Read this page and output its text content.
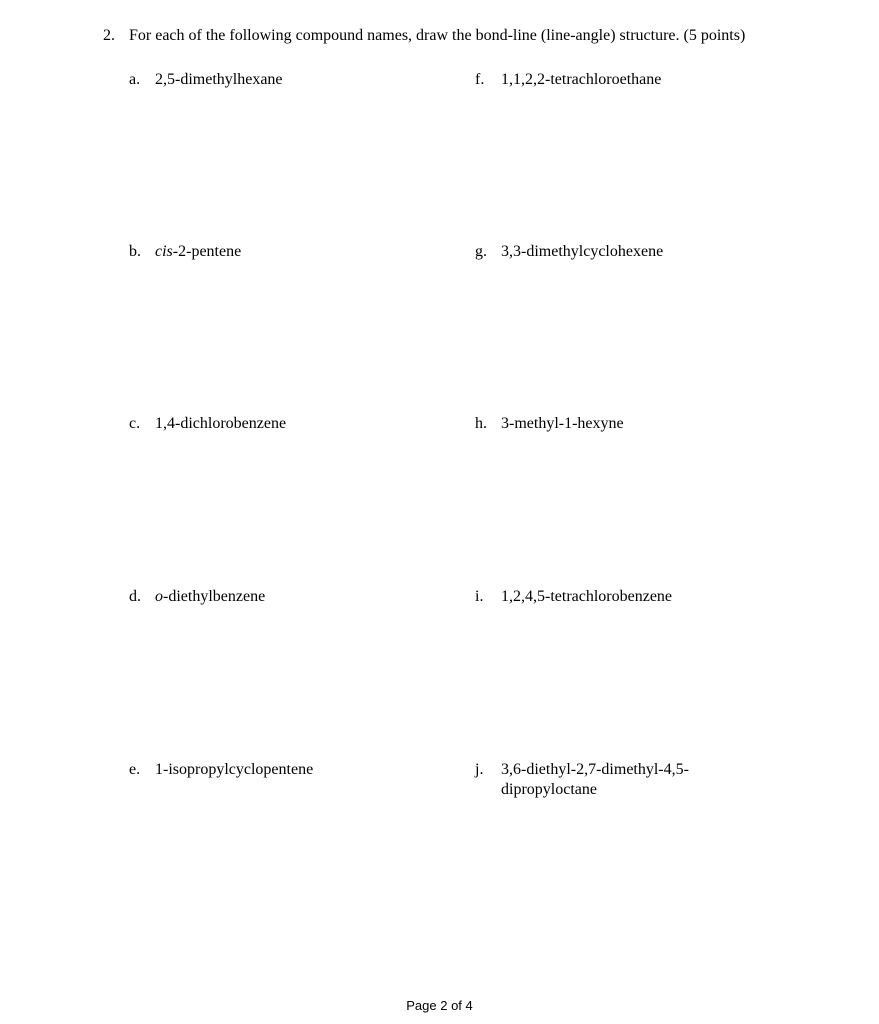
2. For each of the following compound names, draw the bond-line (line-angle) structure. (5 points)
a. 2,5-dimethylhexane
b. cis-2-pentene
c. 1,4-dichlorobenzene
d. o-diethylbenzene
e. 1-isopropylcyclopentene
f. 1,1,2,2-tetrachloroethane
g. 3,3-dimethylcyclohexene
h. 3-methyl-1-hexyne
i. 1,2,4,5-tetrachlorobenzene
j. 3,6-diethyl-2,7-dimethyl-4,5-
dipropyloctane
Page 2 of 4
